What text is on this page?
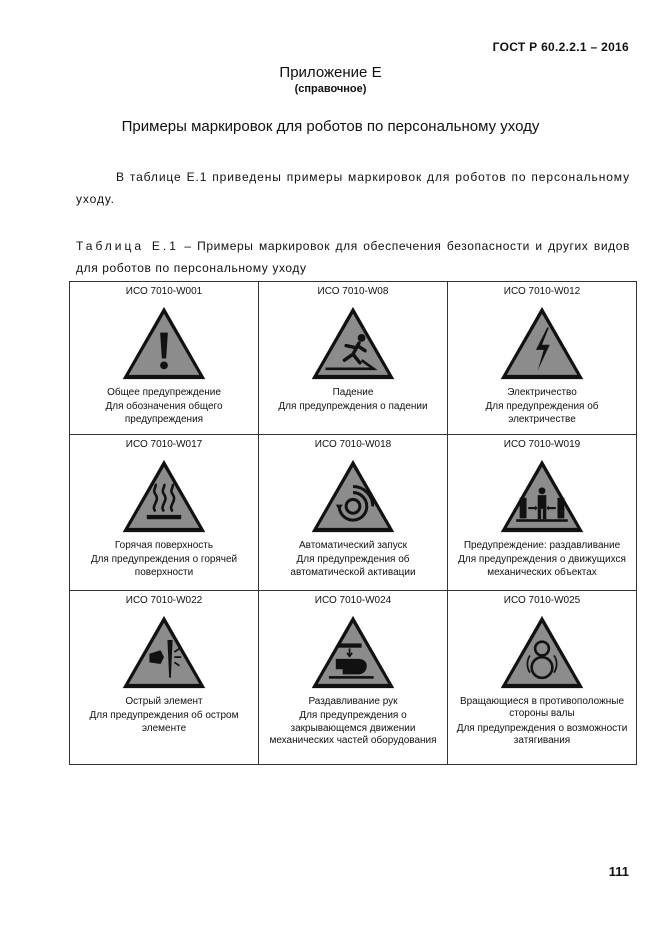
ГОСТ Р 60.2.2.1 – 2016
Приложение Е
(справочное)
Примеры маркировок для роботов по персональному уходу

В таблице Е.1 приведены примеры маркировок для роботов по персональному уходу.

Таблица Е.1 – Примеры маркировок для обеспечения безопасности и других видов для роботов по персональному уходу

ИСО 7010-W001
Общее предупреждение
Для обозначения общего предупреждения	ИСО 7010-W08
Падение
Для предупреждения о падении	ИСО 7010-W012
Электричество
Для предупреждения об электричестве

ИСО 7010-W017
Горячая поверхность
Для предупреждения о горячей поверхности	ИСО 7010-W018
Автоматический запуск
Для предупреждения об автоматической активации	ИСО 7010-W019
Предупреждение: раздавливание
Для предупреждения о движущихся механических объектах

ИСО 7010-W022
Острый элемент
Для предупреждения об остром элементе	ИСО 7010-W024
Раздавливание рук
Для предупреждения о закрывающемся движении механических частей оборудования	ИСО 7010-W025
Вращающиеся в противоположные стороны валы
Для предупреждения о возможности затягивания
111
